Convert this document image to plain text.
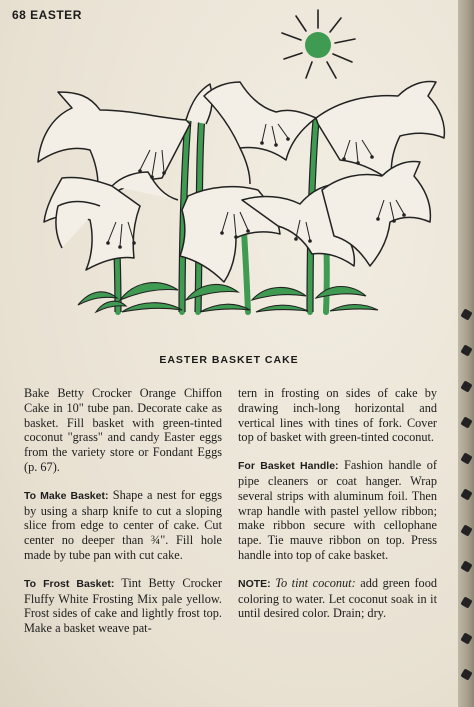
68 EASTER
EASTER BASKET CAKE

Bake Betty Crocker Orange Chiffon Cake in 10" tube pan. Decorate cake as basket. Fill basket with green-tinted coconut "grass" and candy Easter eggs from the variety store or Fondant Eggs (p. 67).

To Make Basket: Shape a nest for eggs by using a sharp knife to cut a sloping slice from edge to center of cake. Cut center no deeper than ¾". Fill hole made by tube pan with cut cake.

To Frost Basket: Tint Betty Crocker Fluffy White Frosting Mix pale yellow. Frost sides of cake and lightly frost top. Make a basket weave pat-

tern in frosting on sides of cake by drawing inch-long horizontal and vertical lines with tines of fork. Cover top of basket with green-tinted coconut.

For Basket Handle: Fashion handle of pipe cleaners or coat hanger. Wrap several strips with aluminum foil. Then wrap handle with pastel yellow ribbon; make ribbon secure with cellophane tape. Tie mauve ribbon on top. Press handle into top of cake basket.

NOTE: To tint coconut: add green food coloring to water. Let coconut soak in it until desired color. Drain; dry.
